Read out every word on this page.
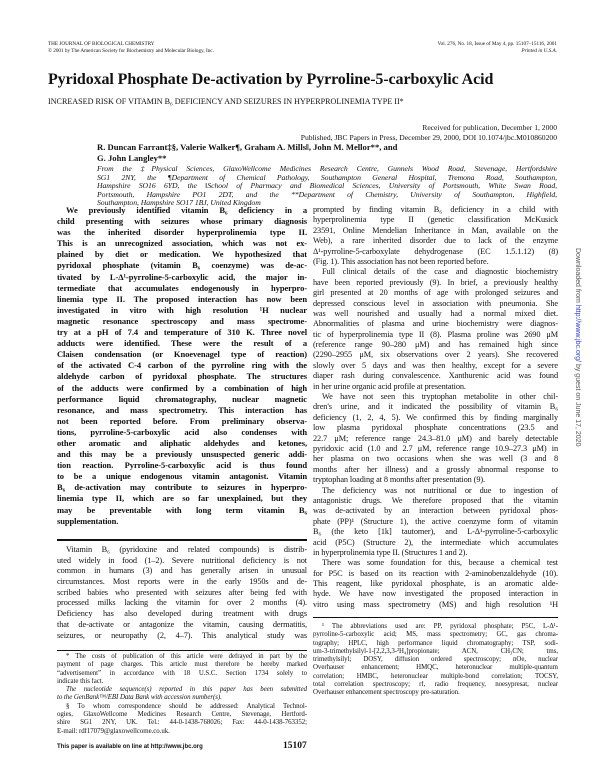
THE JOURNAL OF BIOLOGICAL CHEMISTRY
© 2001 by The American Society for Biochemistry and Molecular Biology, Inc.
Vol. 276, No. 18, Issue of May 4, pp. 15107–15116, 2001
Printed in U.S.A.
Pyridoxal Phosphate De-activation by Pyrroline-5-carboxylic Acid
INCREASED RISK OF VITAMIN B₆ DEFICIENCY AND SEIZURES IN HYPERPROLINEMIA TYPE II*
Received for publication, December 1, 2000
Published, JBC Papers in Press, December 29, 2000, DOI 10.1074/jbc.M010860200
R. Duncan Farrant‡§, Valerie Walker¶, Graham A. Mills‖, John M. Mellor**, and
G. John Langley**
From the ‡Physical Sciences, GlaxoWellcome Medicines Research Centre, Gunnels Wood Road, Stevenage, Hertfordshire
SG1 2NY, the ¶Department of Chemical Pathology, Southampton General Hospital, Tremona Road, Southampton,
Hampshire SO16 6YD, the ‖School of Pharmacy and Biomedical Sciences, University of Portsmouth, White Swan Road,
Portsmouth, Hampshire PO1 2DT, and the **Department of Chemistry, University of Southampton, Highfield,
Southampton, Hampshire SO17 1BJ, United Kingdom
We previously identified vitamin B₆ deficiency in a
child presenting with seizures whose primary diagnosis
was the inherited disorder hyperprolinemia type II.
This is an unrecognized association, which was not ex-
plained by diet or medication. We hypothesized that
pyridoxal phosphate (vitamin B₆ coenzyme) was de-ac-
tivated by L-Δ¹-pyrroline-5-carboxylic acid, the major in-
termediate that accumulates endogenously in hyperpro-
linemia type II. The proposed interaction has now been
investigated in vitro with high resolution ¹H nuclear
magnetic resonance spectroscopy and mass spectrome-
try at a pH of 7.4 and temperature of 310 K. Three novel
adducts were identified. These were the result of a
Claisen condensation (or Knoevenagel type of reaction)
of the activated C-4 carbon of the pyrroline ring with the
aldehyde carbon of pyridoxal phosphate. The structures
of the adducts were confirmed by a combination of high
performance liquid chromatography, nuclear magnetic
resonance, and mass spectrometry. This interaction has
not been reported before. From preliminary observa-
tions, pyrroline-5-carboxylic acid also condenses with
other aromatic and aliphatic aldehydes and ketones,
and this may be a previously unsuspected generic addi-
tion reaction. Pyrroline-5-carboxylic acid is thus found
to be a unique endogenous vitamin antagonist. Vitamin
B₆ de-activation may contribute to seizures in hyperpro-
linemia type II, which are so far unexplained, but they
may be preventable with long term vitamin B₆
supplementation.
Vitamin B₆ (pyridoxine and related compounds) is distrib-
uted widely in food (1–2). Severe nutritional deficiency is not
common in humans (3) and has generally arisen in unusual
circumstances. Most reports were in the early 1950s and de-
scribed babies who presented with seizures after being fed with
processed milks lacking the vitamin for over 2 months (4).
Deficiency has also developed during treatment with drugs
that de-activate or antagonize the vitamin, causing dermatitis,
seizures, or neuropathy (2, 4–7). This analytical study was
prompted by finding vitamin B₆ deficiency in a child with
hyperprolinemia type II (genetic classification McKusick
23591, Online Mendelian Inheritance in Man, available on the
Web), a rare inherited disorder due to lack of the enzyme
Δ¹-pyrroline-5-carboxylate dehydrogenase (EC 1.5.1.12) (8)
(Fig. 1). This association has not been reported before.
Full clinical details of the case and diagnostic biochemistry
have been reported previously (9). In brief, a previously healthy
girl presented at 20 months of age with prolonged seizures and
depressed conscious level in association with pneumonia. She
was well nourished and usually had a normal mixed diet.
Abnormalities of plasma and urine biochemistry were diagnos-
tic of hyperprolinemia type II (8). Plasma proline was 2690 μM
(reference range 90–280 μM) and has remained high since
(2290–2955 μM, six observations over 2 years). She recovered
slowly over 5 days and was then healthy, except for a severe
diaper rash during convalescence. Xanthurenic acid was found
in her urine organic acid profile at presentation.
We have not seen this tryptophan metabolite in other chil-
dren's urine, and it indicated the possibility of vitamin B₆
deficiency (1, 2, 4, 5). We confirmed this by finding marginally
low plasma pyridoxal phosphate concentrations (23.5 and
22.7 μM; reference range 24.3–81.0 μM) and barely detectable
pyridoxic acid (1.0 and 2.7 μM, reference range 10.9–27.3 μM) in
her plasma on two occasions when she was well (3 and 8
months after her illness) and a grossly abnormal response to
tryptophan loading at 8 months after presentation (9).
The deficiency was not nutritional or due to ingestion of
antagonistic drugs. We therefore proposed that the vitamin
was de-activated by an interaction between pyridoxal phos-
phate (PP)¹ (Structure 1), the active coenzyme form of vitamin
B₆ (the keto [1k] tautomer), and L-Δ¹-pyrroline-5-carboxylic
acid (P5C) (Structure 2), the intermediate which accumulates
in hyperprolinemia type II. (Structures 1 and 2).
There was some foundation for this, because a chemical test
for P5C is based on its reaction with 2-aminobenzaldehyde (10).
This reagent, like pyridoxal phosphate, is an aromatic alde-
hyde. We have now investigated the proposed interaction in
vitro using mass spectrometry (MS) and high resolution ¹H
* The costs of publication of this article were defrayed in part by the
payment of page charges. This article must therefore be hereby marked
“advertisement” in accordance with 18 U.S.C. Section 1734 solely to
indicate this fact.
The nucleotide sequence(s) reported in this paper has been submitted
to the GenBank™/EBI Data Bank with accession number(s).
§ To whom correspondence should be addressed: Analytical Technol-
ogies, GlaxoWellcome Medicines Research Centre, Stevenage, Hertford-
shire SG1 2NY, UK. Tel.: 44-0-1438-768026; Fax: 44-0-1438-763352;
E-mail: rdf17079@glaxowellcome.co.uk.
¹ The abbreviations used are: PP, pyridoxal phosphate; P5C, L-Δ¹-
pyrroline-5-carboxylic acid; MS, mass spectrometry; GC, gas chroma-
tography; HPLC, high performance liquid chromatography; TSP, sodi-
um-3-trimethylsilyl-1-[2,2,3,3-²H₄]propionate; ACN, CH₃CN; tms,
trimethylsilyl; DOSY, diffusion ordered spectroscopy; nOe, nuclear
Overhauser enhancement; HMQC, heteronuclear multiple-quantum
correlation; HMBC, heteronuclear multiple-bond correlation; TOCSY,
total correlation spectroscopy; rf, radio frequency, noesypresat, nuclear
Overhauser enhancement spectroscopy pre-saturation.
This paper is available on line at http://www.jbc.org	15107
Downloaded from http://www.jbc.org/ by guest on June 17, 2020
